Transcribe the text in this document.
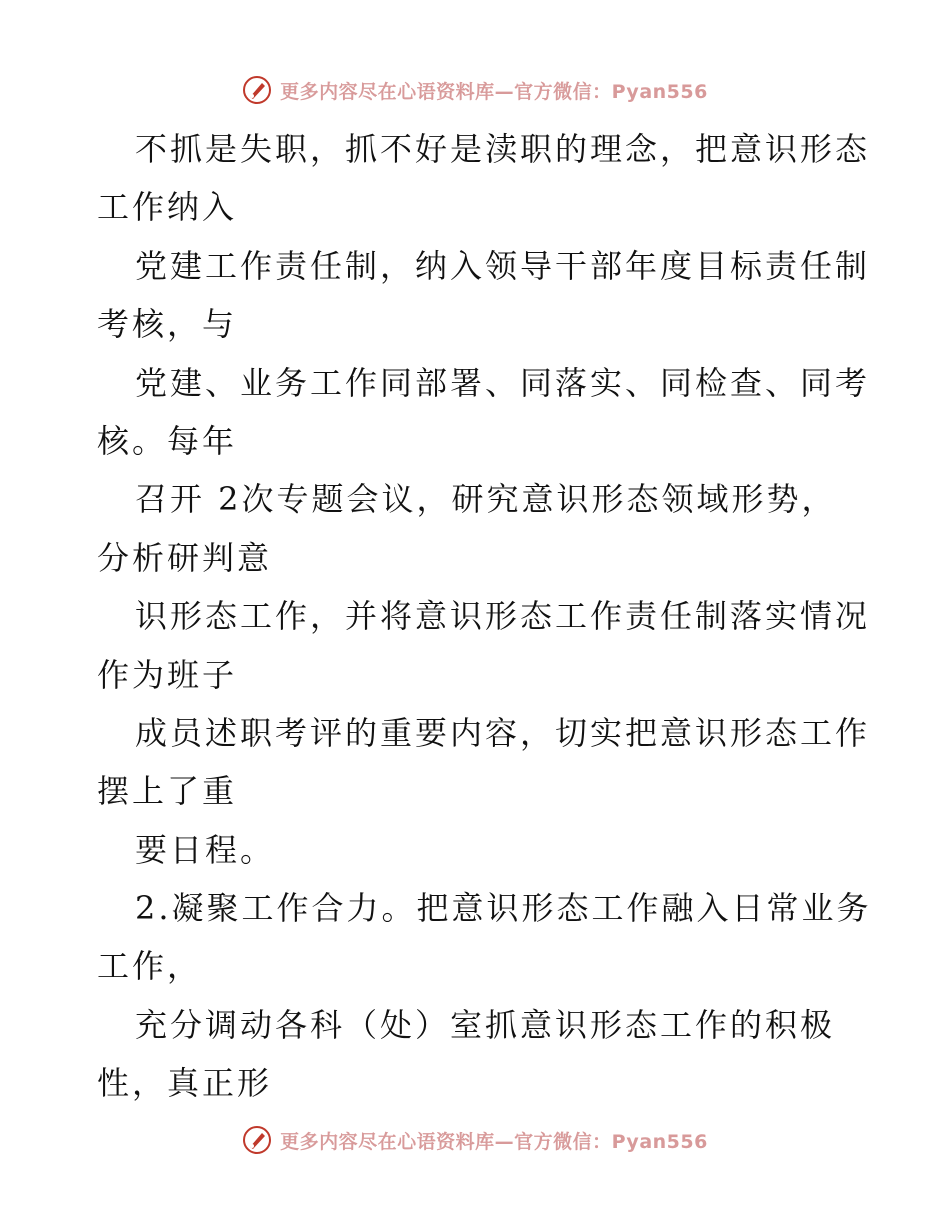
更多内容尽在心语资料库—官方微信：Pyan556
不抓是失职，抓不好是渎职的理念，把意识形态
工作纳入
党建工作责任制，纳入领导干部年度目标责任制
考核，与
党建、业务工作同部署、同落实、同检查、同考
核。每年
召开 2次专题会议，研究意识形态领域形势，
分析研判意
识形态工作，并将意识形态工作责任制落实情况
作为班子
成员述职考评的重要内容，切实把意识形态工作
摆上了重
要日程。
2.凝聚工作合力。把意识形态工作融入日常业务
工作，
充分调动各科（处）室抓意识形态工作的积极
性，真正形
更多内容尽在心语资料库—官方微信：Pyan556
